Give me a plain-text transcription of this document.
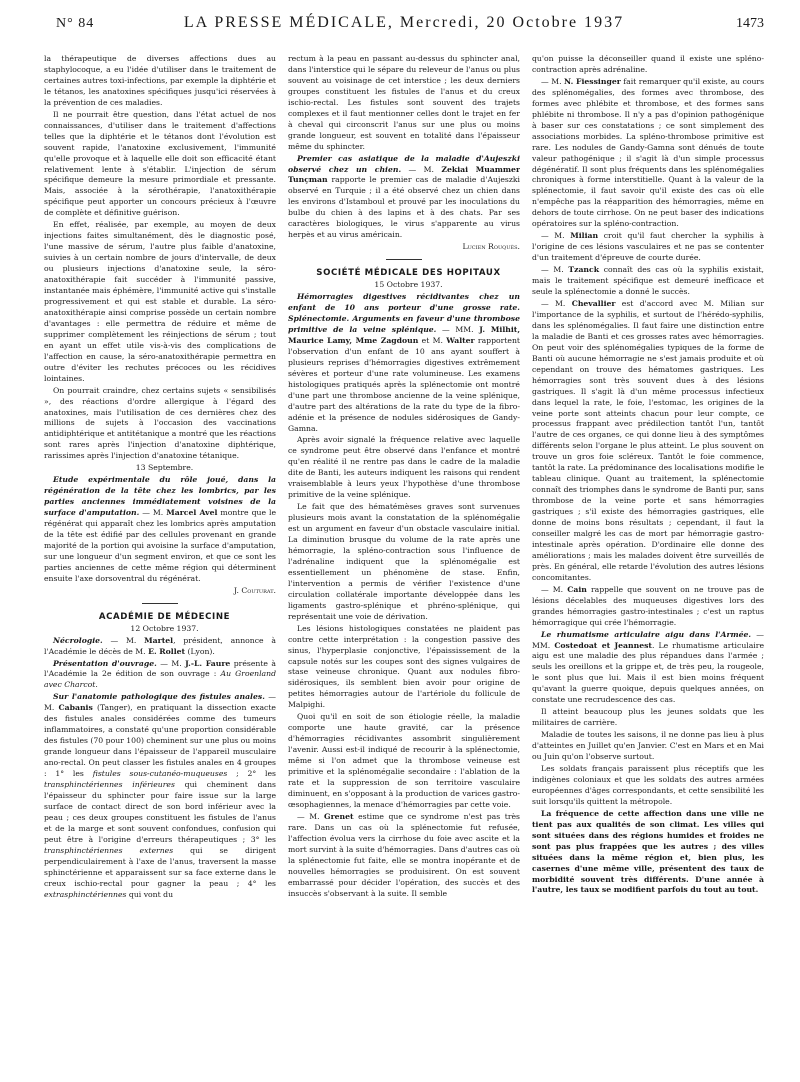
N° 84	LA PRESSE MÉDICALE, Mercredi, 20 Octobre 1937	1473

la thérapeutique de diverses affections dues au staphylocoque, a eu l'idée d'utiliser dans le traitement de certaines autres toxi-infections, par exemple la diphtérie et le tétanos, les anatoxines spécifiques jusqu'ici réservées à la prévention de ces maladies.

Il ne pourrait être question, dans l'état actuel de nos connaissances, d'utiliser dans le traitement d'affections telles que la diphtérie et le tétanos dont l'évolution est souvent rapide, l'anatoxine exclusivement, l'immunité qu'elle provoque et à laquelle elle doit son efficacité étant relativement lente à s'établir. L'injection de sérum spécifique demeure la mesure primordiale et pressante. Mais, associée à la sérothérapie, l'anatoxithérapie spécifique peut apporter un concours précieux à l'œuvre de complète et définitive guérison.

En effet, réalisée, par exemple, au moyen de deux injections faites simultanément, dès le diagnostic posé, l'une massive de sérum, l'autre plus faible d'anatoxine, suivies à un certain nombre de jours d'intervalle, de deux ou plusieurs injections d'anatoxine seule, la séro-anatoxithérapie fait succéder à l'immunité passive, instantanée mais éphémère, l'immunité active qui s'installe progressivement et qui est stable et durable. La séro-anatoxithérapie ainsi comprise possède un certain nombre d'avantages : elle permettra de réduire et même de supprimer complètement les réinjections de sérum ; tout en ayant un effet utile vis-à-vis des complications de l'affection en cause, la séro-anatoxithérapie permettra en outre d'éviter les rechutes précoces ou les récidives lointaines.

On pourrait craindre, chez certains sujets « sensibilisés », des réactions d'ordre allergique à l'égard des anatoxines, mais l'utilisation de ces dernières chez des millions de sujets à l'occasion des vaccinations antidiphtérique et antitétanique a montré que les réactions sont rares après l'injection d'anatoxine diphtérique, rarissimes après l'injection d'anatoxine tétanique.

13 Septembre.

Etude expérimentale du rôle joué, dans la régénération de la tête chez les lombrics, par les parties anciennes immédiatement voisines de la surface d'amputation. — M. Marcel Avel montre que le régénérat qui apparaît chez les lombrics après amputation de la tête est édifié par des cellules provenant en grande majorité de la portion qui avoisine la surface d'amputation, sur une longueur d'un segment environ, et que ce sont les parties anciennes de cette même région qui déterminent ensuite l'axe dorsoventral du régénérat.

J. Couturat.

ACADÉMIE DE MÉDECINE

12 Octobre 1937.

Nécrologie. — M. Martel, président, annonce à l'Académie le décès de M. E. Rollet (Lyon).

Présentation d'ouvrage. — M. J.-L. Faure présente à l'Académie la 2e édition de son ouvrage : Au Groenland avec Charcot.

Sur l'anatomie pathologique des fistules anales. — M. Cabanis (Tanger), en pratiquant la dissection exacte des fistules anales considérées comme des tumeurs inflammatoires, a constaté qu'une proportion considérable des fistules (70 pour 100) cheminent sur une plus ou moins grande longueur dans l'épaisseur de l'appareil musculaire ano-rectal. On peut classer les fistules anales en 4 groupes : 1° les fistules sous-cutanéo-muqueuses ; 2° les transphinctériennes inférieures qui cheminent dans l'épaisseur du sphincter pour faire issue sur la large surface de contact direct de son bord inférieur avec la peau ; ces deux groupes constituent les fistules de l'anus et de la marge et sont souvent confondues, confusion qui peut être à l'origine d'erreurs thérapeutiques ; 3° les transphinctériennes externes qui se dirigent perpendiculairement à l'axe de l'anus, traversent la masse sphinctérienne et apparaissent sur sa face externe dans le creux ischio-rectal pour gagner la peau ; 4° les extrasphinctériennes qui vont du

rectum à la peau en passant au-dessus du sphincter anal, dans l'interstice qui le sépare du releveur de l'anus ou plus souvent au voisinage de cet interstice ; les deux derniers groupes constituent les fistules de l'anus et du creux ischio-rectal. Les fistules sont souvent des trajets complexes et il faut mentionner celles dont le trajet en fer à cheval qui circonscrit l'anus sur une plus ou moins grande longueur, est souvent en totalité dans l'épaisseur même du sphincter.

Premier cas asiatique de la maladie d'Aujeszki observé chez un chien. — M. Zekiai Muammer Tunçman rapporte le premier cas de maladie d'Aujeszki observé en Turquie ; il a été observé chez un chien dans les environs d'Istamboul et prouvé par les inoculations du bulbe du chien à des lapins et à des chats. Par ses caractères biologiques, le virus s'apparente au virus herpès et au virus américain.

Lucien Rouquès.

SOCIÉTÉ MÉDICALE DES HOPITAUX

15 Octobre 1937.

Hémorragies digestives récidivantes chez un enfant de 10 ans porteur d'une grosse rate. Splénectomie. Arguments en faveur d'une thrombose primitive de la veine splénique. — MM. J. Milhit, Maurice Lamy, Mme Zagdoun et M. Walter rapportent l'observation d'un enfant de 10 ans ayant souffert à plusieurs reprises d'hémorragies digestives extrêmement sévères et porteur d'une rate volumineuse. Les examens histologiques pratiqués après la splénectomie ont montré d'une part une thrombose ancienne de la veine splénique, d'autre part des altérations de la rate du type de la fibro-adénie et la présence de nodules sidérosiques de Gandy-Gamna.

Après avoir signalé la fréquence relative avec laquelle ce syndrome peut être observé dans l'enfance et montré qu'en réalité il ne rentre pas dans le cadre de la maladie dite de Banti, les auteurs indiquent les raisons qui rendent vraisemblable à leurs yeux l'hypothèse d'une thrombose primitive de la veine splénique.

Le fait que des hématémèses graves sont survenues plusieurs mois avant la constatation de la splénomégalie est un argument en faveur d'un obstacle vasculaire initial. La diminution brusque du volume de la rate après une hémorragie, la spléno-contraction sous l'influence de l'adrénaline indiquent que la splénomégalie est essentiellement un phénomène de stase. Enfin, l'intervention a permis de vérifier l'existence d'une circulation collatérale importante développée dans les ligaments gastro-splénique et phréno-splénique, qui représentait une voie de dérivation.

Les lésions histologiques constatées ne plaident pas contre cette interprétation : la congestion passive des sinus, l'hyperplasie conjonctive, l'épaississement de la capsule notés sur les coupes sont des signes vulgaires de stase veineuse chronique. Quant aux nodules fibro-sidérosiques, ils semblent bien avoir pour origine de petites hémorragies autour de l'artériole du follicule de Malpighi.

Quoi qu'il en soit de son étiologie réelle, la maladie comporte une haute gravité, car la présence d'hémorragies récidivantes assombrit singulièrement l'avenir. Aussi est-il indiqué de recourir à la splénectomie, même si l'on admet que la thrombose veineuse est primitive et la splénomégalie secondaire : l'ablation de la rate et la suppression de son territoire vasculaire diminuent, en s'opposant à la production de varices gastro-œsophagiennes, la menace d'hémorragies par cette voie.

— M. Grenet estime que ce syndrome n'est pas très rare. Dans un cas où la splénectomie fut refusée, l'affection évolua vers la cirrhose du foie avec ascite et la mort survint à la suite d'hémorragies. Dans d'autres cas où la splénectomie fut faite, elle se montra inopérante et de nouvelles hémorragies se produisirent. On est souvent embarrassé pour décider l'opération, des succès et des insuccès s'observant à la suite. Il semble

qu'on puisse la déconseiller quand il existe une spléno-contraction après adrénaline.

— M. N. Fiessinger fait remarquer qu'il existe, au cours des splénomégalies, des formes avec thrombose, des formes avec phlébite et thrombose, et des formes sans phlébite ni thrombose. Il n'y a pas d'opinion pathogénique à baser sur ces constatations ; ce sont simplement des associations morbides. La spléno-thrombose primitive est rare. Les nodules de Gandy-Gamna sont dénués de toute valeur pathogénique ; il s'agit là d'un simple processus dégénératif. Il sont plus fréquents dans les splénomégalies chroniques à forme interstitielle. Quant à la valeur de la splénectomie, il faut savoir qu'il existe des cas où elle n'empêche pas la réapparition des hémorragies, même en dehors de toute cirrhose. On ne peut baser des indications opératoires sur la spléno-contraction.

— M. Milian croit qu'il faut chercher la syphilis à l'origine de ces lésions vasculaires et ne pas se contenter d'un traitement d'épreuve de courte durée.

— M. Tzanck connaît des cas où la syphilis existait, mais le traitement spécifique est demeuré inefficace et seule la splénectomie a donné le succès.

— M. Chevallier est d'accord avec M. Milian sur l'importance de la syphilis, et surtout de l'hérédo-syphilis, dans les splénomégalies. Il faut faire une distinction entre la maladie de Banti et ces grosses rates avec hémorragies. On peut voir des splénomégalies typiques de la forme de Banti où aucune hémorragie ne s'est jamais produite et où cependant on trouve des hématomes gastriques. Les hémorragies sont très souvent dues à des lésions gastriques. Il s'agit là d'un même processus infectieux dans lequel la rate, le foie, l'estomac, les origines de la veine porte sont atteints chacun pour leur compte, ce processus frappant avec prédilection tantôt l'un, tantôt l'autre de ces organes, ce qui donne lieu à des symptômes différents selon l'organe le plus atteint. Le plus souvent on trouve un gros foie scléreux. Tantôt le foie commence, tantôt la rate. La prédominance des localisations modifie le tableau clinique. Quant au traitement, la splénectomie connaît des triomphes dans le syndrome de Banti pur, sans thrombose de la veine porte et sans hémorragies gastriques ; s'il existe des hémorragies gastriques, elle donne de moins bons résultats ; cependant, il faut la conseiller malgré les cas de mort par hémorragie gastro-intestinale après opération. D'ordinaire elle donne des améliorations ; mais les malades doivent être surveillés de près. En général, elle retarde l'évolution des autres lésions concomitantes.

— M. Cain rappelle que souvent on ne trouve pas de lésions décelables des muqueuses digestives lors des grandes hémorragies gastro-intestinales ; c'est un raptus hémorragique qui crée l'hémorragie.

Le rhumatisme articulaire aigu dans l'Armée. — MM. Costedoat et Jeannest. Le rhumatisme articulaire aigu est une maladie des plus répandues dans l'armée ; seuls les oreillons et la grippe et, de très peu, la rougeole, le sont plus que lui. Mais il est bien moins fréquent qu'avant la guerre quoique, depuis quelques années, on constate une recrudescence des cas.

Il atteint beaucoup plus les jeunes soldats que les militaires de carrière.

Maladie de toutes les saisons, il ne donne pas lieu à plus d'atteintes en Juillet qu'en Janvier. C'est en Mars et en Mai ou Juin qu'on l'observe surtout.

Les soldats français paraissent plus réceptifs que les indigènes coloniaux et que les soldats des autres armées européennes d'âges correspondants, et cette sensibilité les suit lorsqu'ils quittent la métropole.

La fréquence de cette affection dans une ville ne tient pas aux qualités de son climat. Les villes qui sont situées dans des régions humides et froides ne sont pas plus frappées que les autres ; des villes situées dans la même région et, bien plus, les casernes d'une même ville, présentent des taux de morbidité souvent très différents. D'une année à l'autre, les taux se modifient parfois du tout au tout.
